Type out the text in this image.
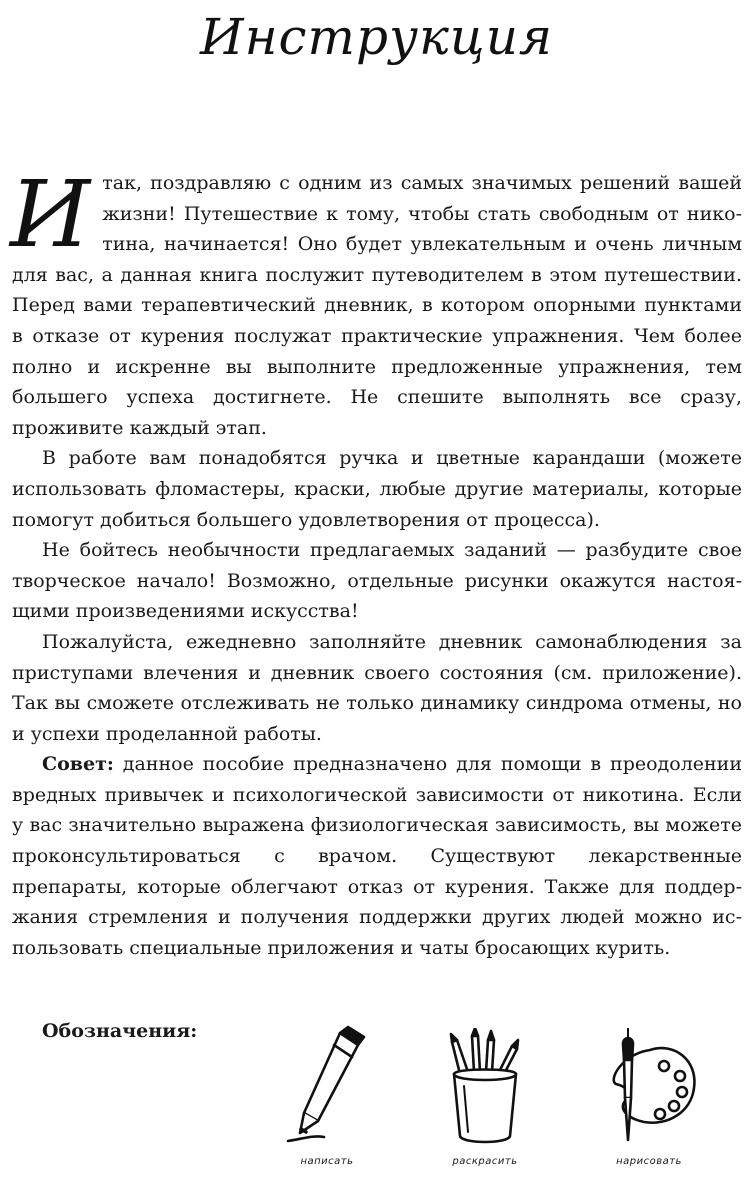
Инструкция

Итак, поздравляю с одним из самых значимых решений вашей жизни! Путешествие к тому, чтобы стать свободным от никотина, начинается! Оно будет увлекательным и очень личным для вас, а данная книга послужит путеводителем в этом путешествии. Перед вами терапевтический дневник, в котором опорными пунктами в отказе от курения послужат практические упражнения. Чем более полно и искренне вы выполните предложенные упражнения, тем большего успеха достигнете. Не спешите выполнять все сразу, проживите каждый этап.

В работе вам понадобятся ручка и цветные карандаши (можете использовать фломастеры, краски, любые другие материалы, которые помогут добиться большего удовлетворения от процесса).

Не бойтесь необычности предлагаемых заданий — разбудите свое творческое начало! Возможно, отдельные рисунки окажутся настоящими произведениями искусства!

Пожалуйста, ежедневно заполняйте дневник самонаблюдения за приступами влечения и дневник своего состояния (см. приложение). Так вы сможете отслеживать не только динамику синдрома отмены, но и успехи проделанной работы.

Совет: данное пособие предназначено для помощи в преодолении вредных привычек и психологической зависимости от никотина. Если у вас значительно выражена физиологическая зависимость, вы можете проконсультироваться с врачом. Существуют лекарственные препараты, которые облегчают отказ от курения. Также для поддержания стремления и получения поддержки других людей можно использовать специальные приложения и чаты бросающих курить.

Обозначения:
написать	раскрасить	нарисовать
